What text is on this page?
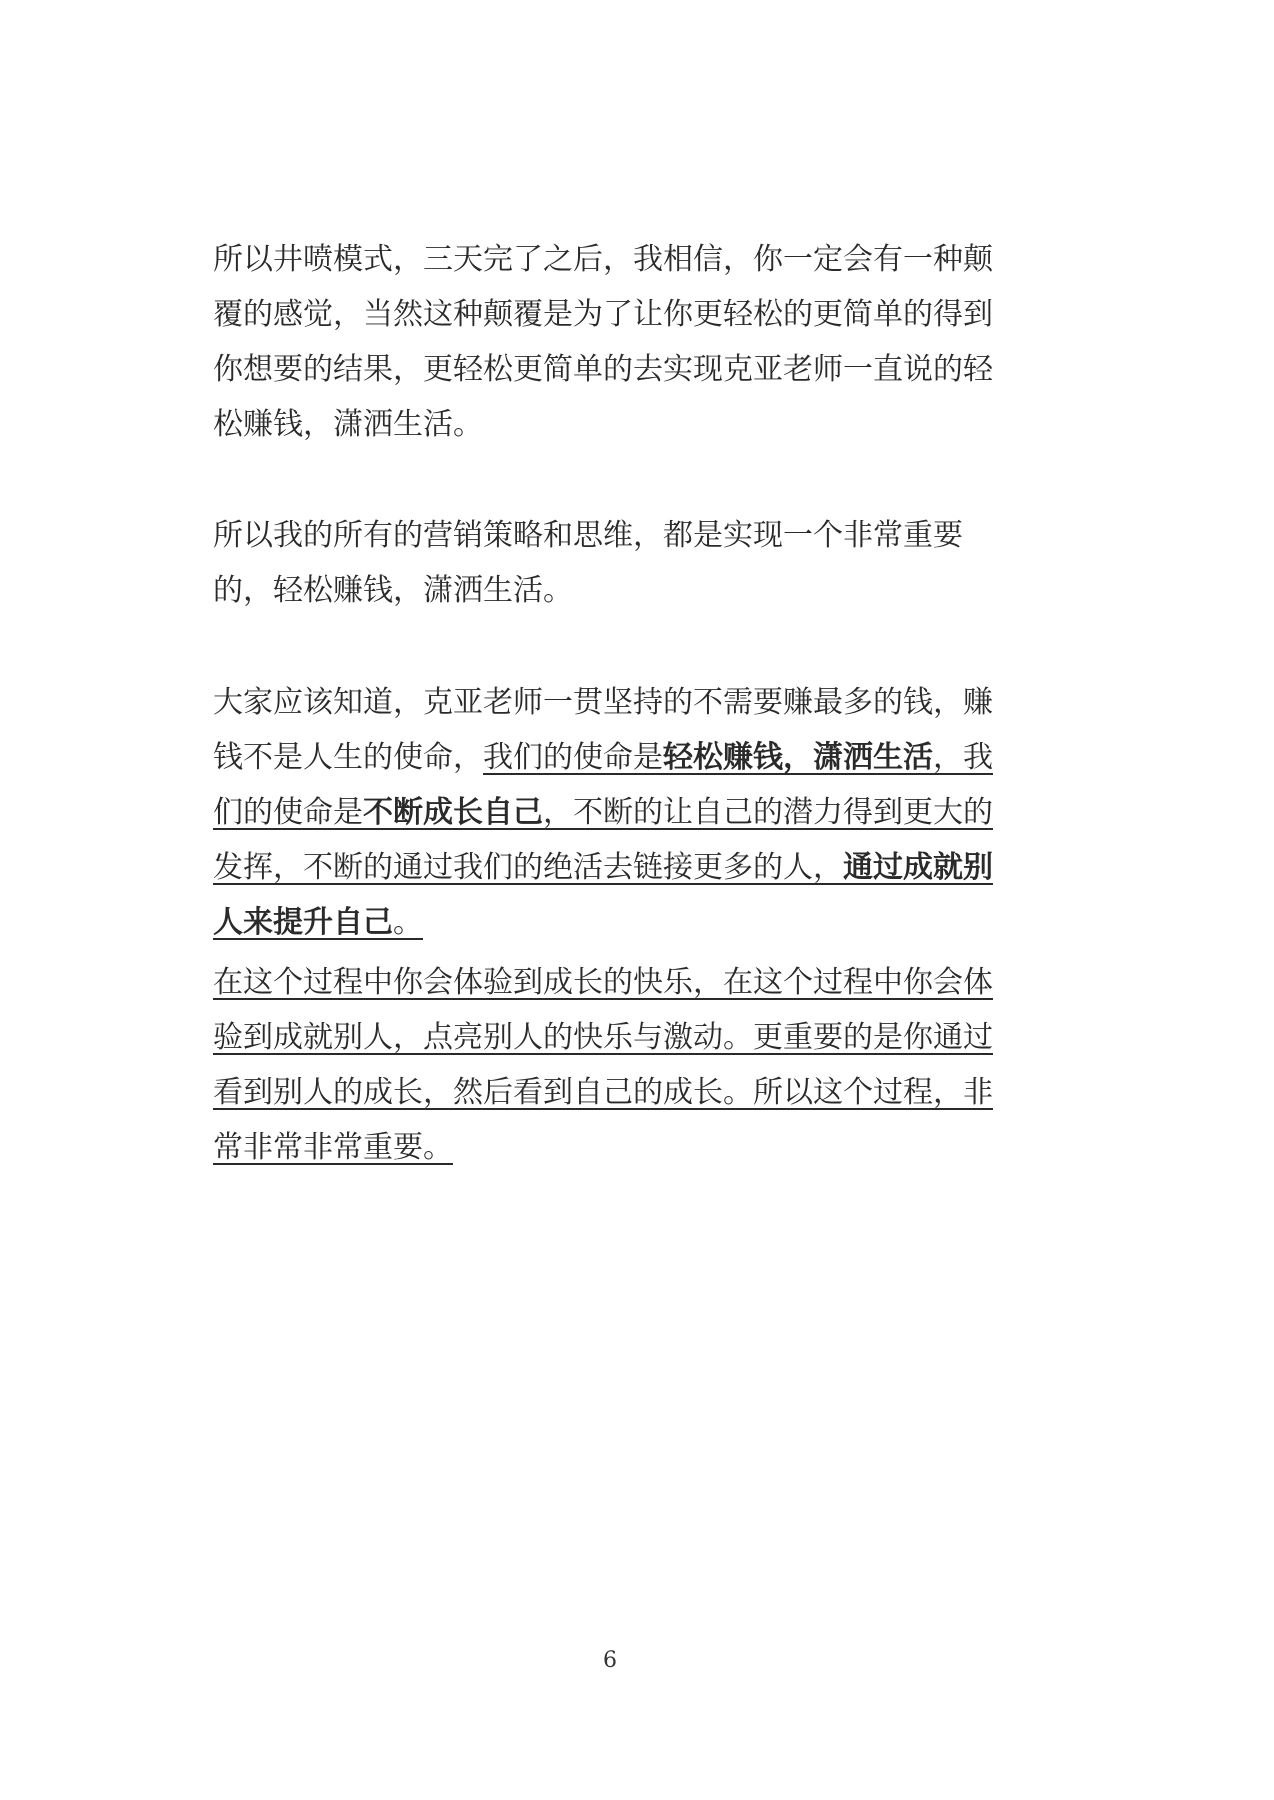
所以井喷模式，三天完了之后，我相信，你一定会有一种颠覆的感觉，当然这种颠覆是为了让你更轻松的更简单的得到你想要的结果，更轻松更简单的去实现克亚老师一直说的轻松赚钱，潇洒生活。
所以我的所有的营销策略和思维，都是实现一个非常重要的，轻松赚钱，潇洒生活。
大家应该知道，克亚老师一贯坚持的不需要赚最多的钱，赚钱不是人生的使命，我们的使命是轻松赚钱，潇洒生活，我们的使命是不断成长自己，不断的让自己的潜力得到更大的发挥，不断的通过我们的绝活去链接更多的人，通过成就别人来提升自己。
在这个过程中你会体验到成长的快乐，在这个过程中你会体验到成就别人，点亮别人的快乐与激动。更重要的是你通过看到别人的成长，然后看到自己的成长。所以这个过程，非常非常非常重要。
6
